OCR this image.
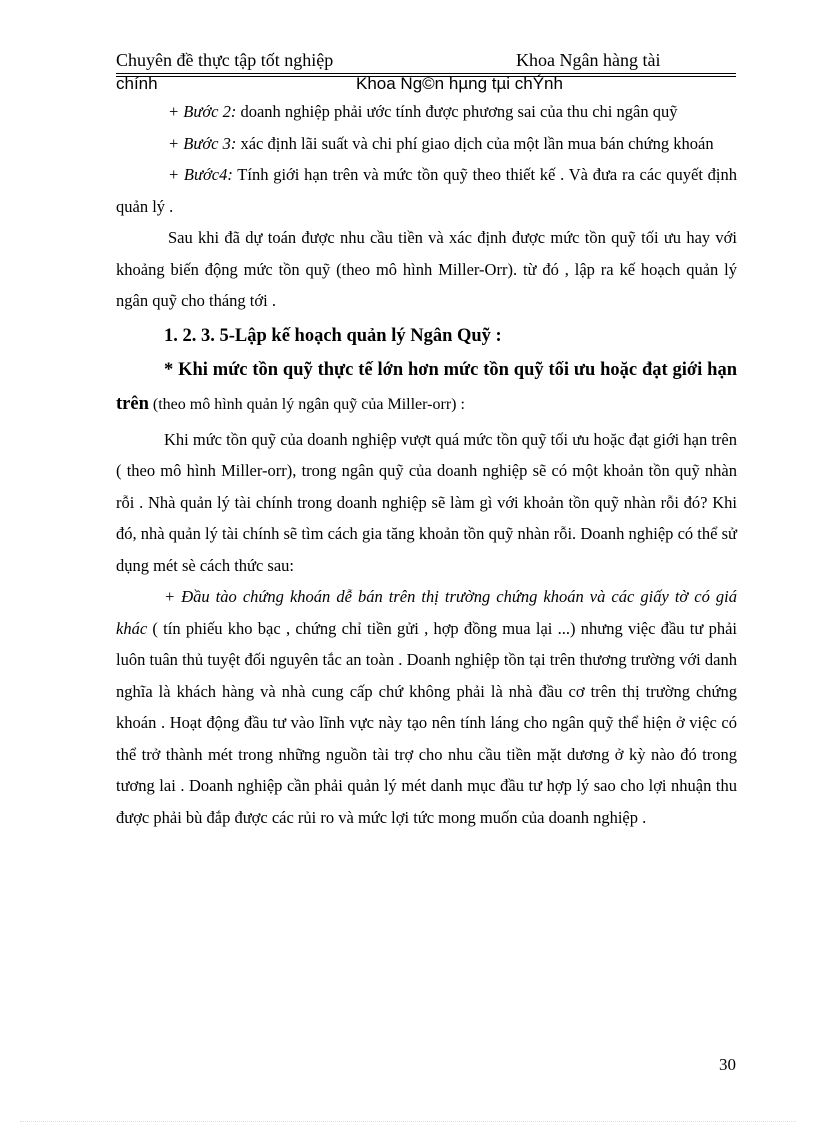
Chuyên đề thực tập tốt nghiệp	Khoa Ngân hàng tài
chính	Khoa Ng©n hµng tµi chÝnh

+ Bước 2: doanh nghiệp phải ước tính được phương sai của thu chi ngân quỹ

+ Bước 3: xác định lãi suất và chi phí giao dịch của một lần mua bán chứng khoán

+ Bước4: Tính giới hạn trên và mức tồn quỹ theo thiết kế . Và đưa ra các quyết định quản lý .

Sau khi đã dự toán được nhu cầu tiền và xác định được mức tồn quỹ tối ưu hay với khoảng biến động mức tồn quỹ (theo mô hình Miller-Orr). từ đó , lập ra kế hoạch quản lý ngân quỹ cho tháng tới .

1. 2. 3. 5-Lập kế hoạch quản lý Ngân Quỹ :

* Khi mức tồn quỹ thực tế lớn hơn mức tồn quỹ tối ưu hoặc đạt giới hạn trên (theo mô hình quản lý ngân quỹ của Miller-orr) :

Khi mức tồn quỹ của doanh nghiệp vượt quá mức tồn quỹ tối ưu hoặc đạt giới hạn trên ( theo mô hình Miller-orr), trong ngân quỹ của doanh nghiệp sẽ có một khoản tồn quỹ nhàn rỗi . Nhà quản lý tài chính trong doanh nghiệp sẽ làm gì với khoản tồn quỹ nhàn rỗi đó? Khi đó, nhà quản lý tài chính sẽ tìm cách gia tăng khoản tồn quỹ nhàn rỗi. Doanh nghiệp có thể sử dụng mét sè cách thức sau:

+ Đầu tào chứng khoán dễ bán trên thị trường chứng khoán và các giấy tờ có giá khác ( tín phiếu kho bạc , chứng chỉ tiền gửi , hợp đồng mua lại ...) nhưng việc đầu tư phải luôn tuân thủ tuyệt đối nguyên tắc an toàn . Doanh nghiệp tồn tại trên thương trường với danh nghĩa là khách hàng và nhà cung cấp chứ không phải là nhà đầu cơ trên thị trường chứng khoán . Hoạt động đầu tư vào lĩnh vực này tạo nên tính láng cho ngân quỹ thể hiện ở việc có thể trở thành mét trong những nguồn tài trợ cho nhu cầu tiền mặt dương ở kỳ nào đó trong tương lai . Doanh nghiệp cần phải quản lý mét danh mục đầu tư hợp lý sao cho lợi nhuận thu được phải bù đắp được các rủi ro và mức lợi tức mong muốn của doanh nghiệp .

30
